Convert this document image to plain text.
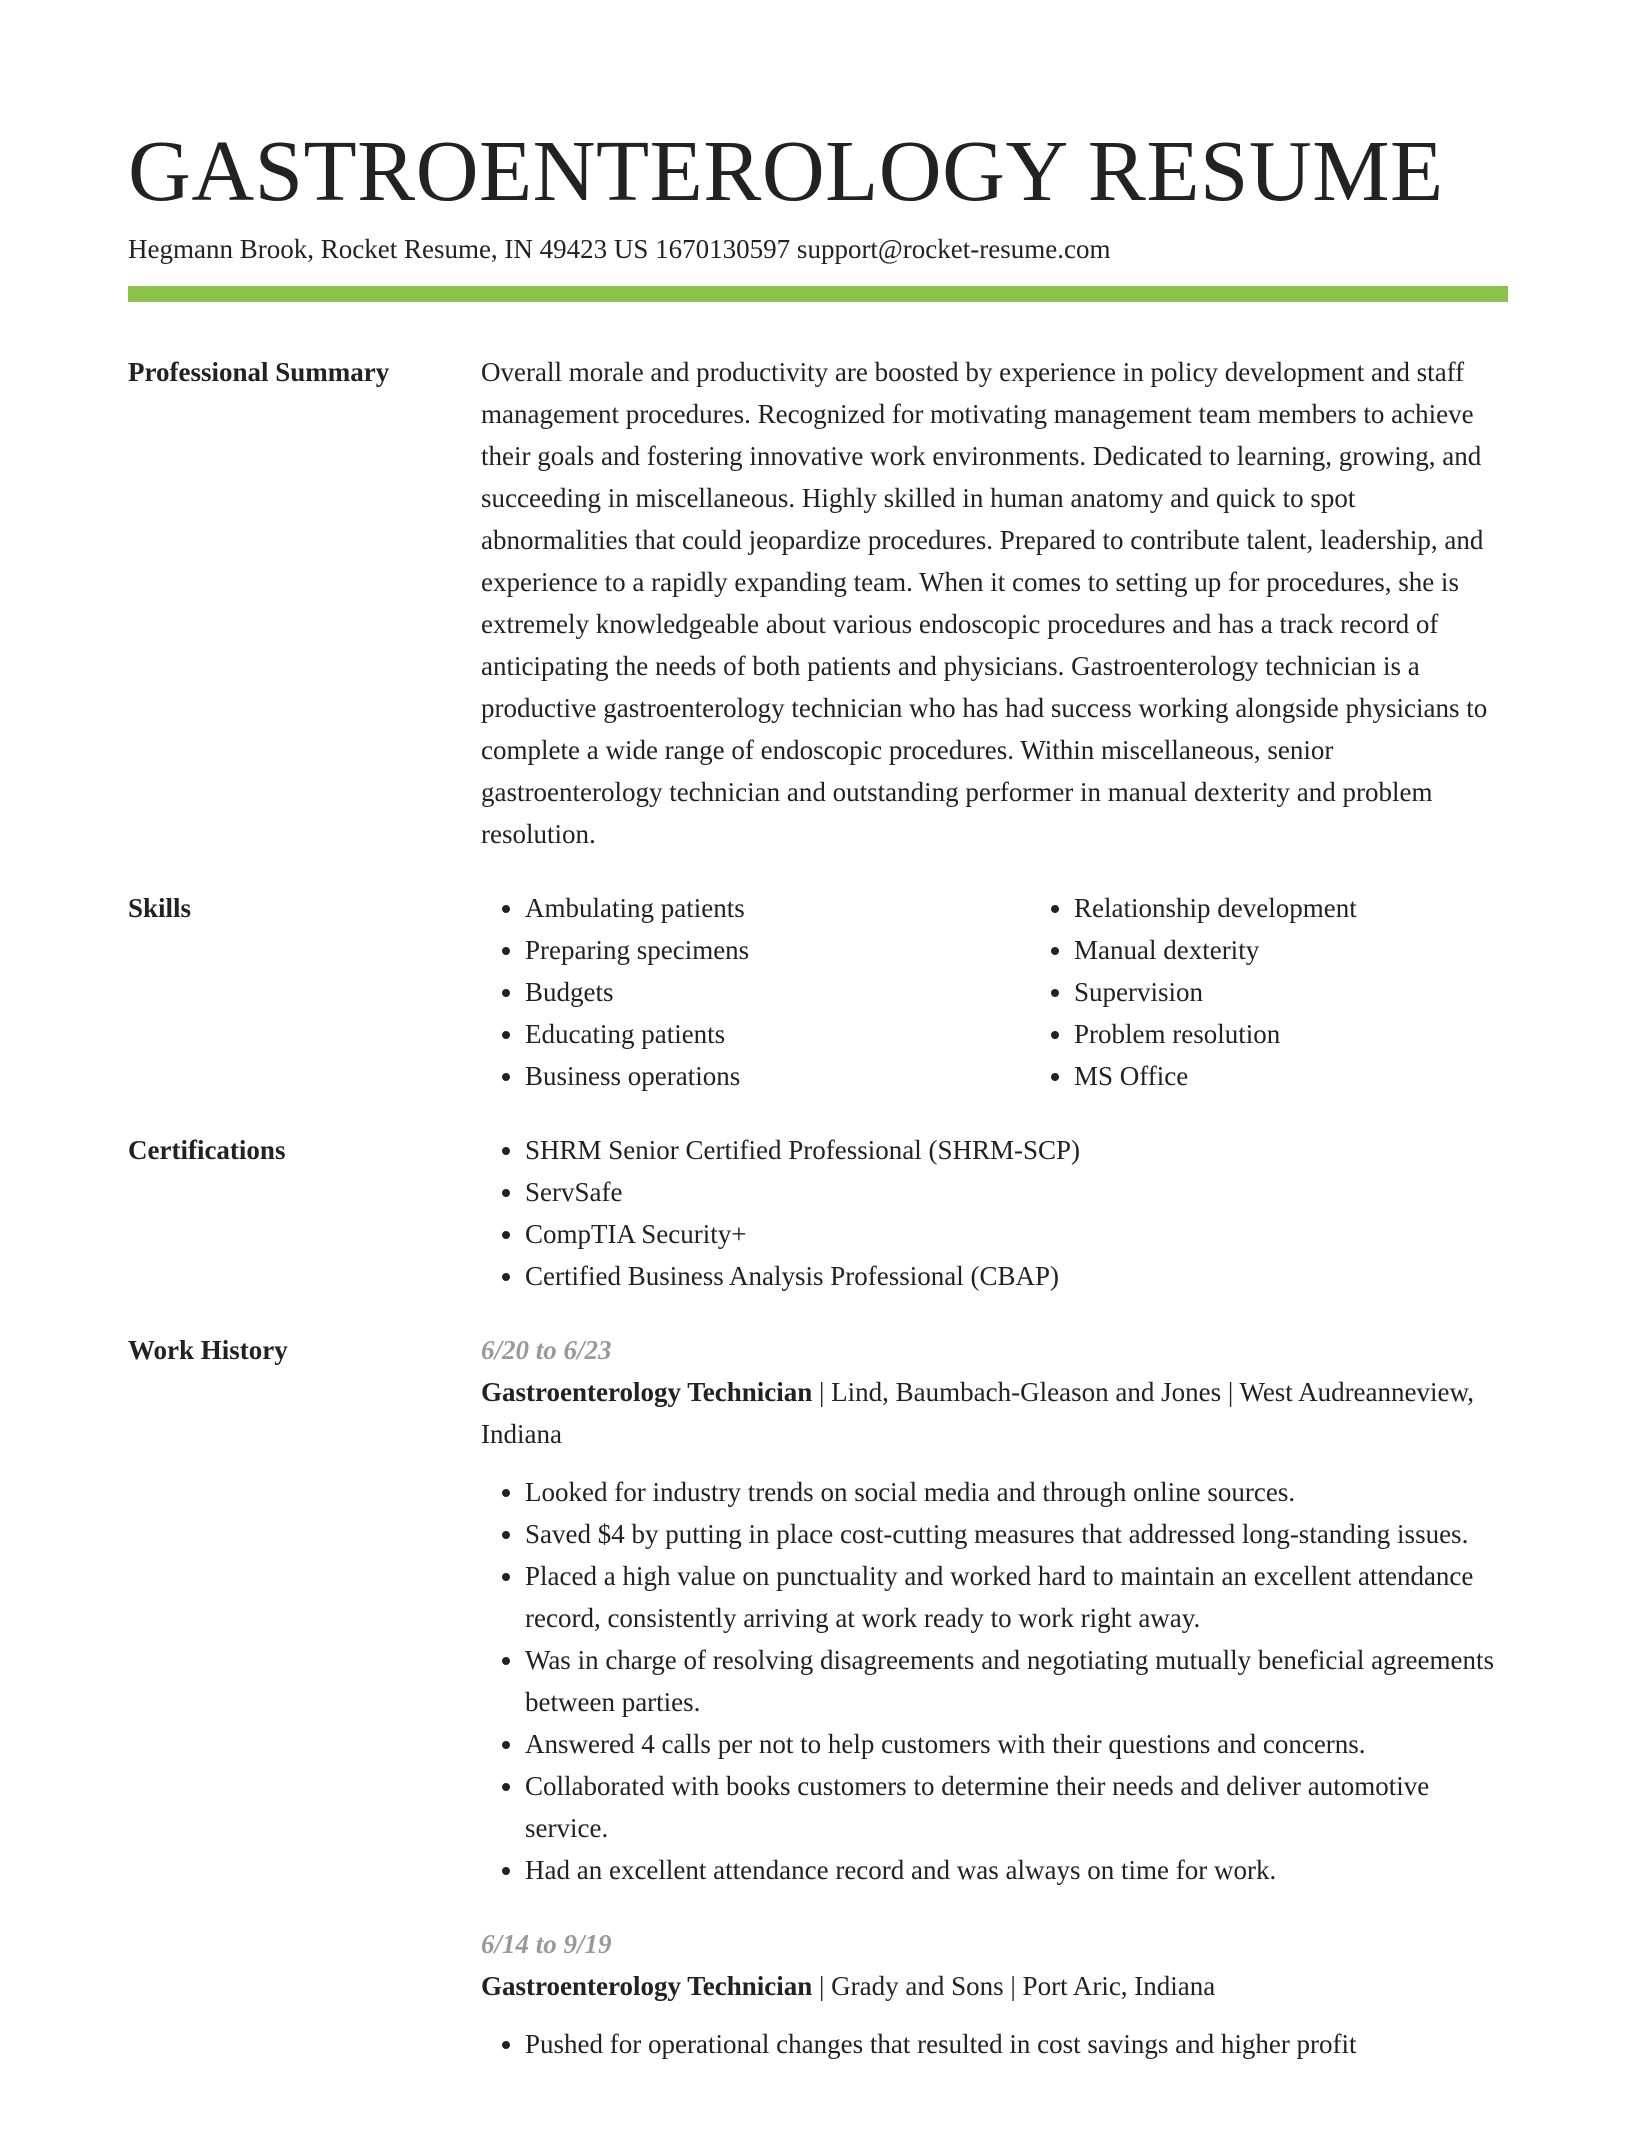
GASTROENTEROLOGY RESUME
Hegmann Brook, Rocket Resume, IN 49423 US 1670130597 support@rocket-resume.com
Professional Summary	Overall morale and productivity are boosted by experience in policy development and staff management procedures. Recognized for motivating management team members to achieve their goals and fostering innovative work environments. Dedicated to learning, growing, and succeeding in miscellaneous. Highly skilled in human anatomy and quick to spot abnormalities that could jeopardize procedures. Prepared to contribute talent, leadership, and experience to a rapidly expanding team. When it comes to setting up for procedures, she is extremely knowledgeable about various endoscopic procedures and has a track record of anticipating the needs of both patients and physicians. Gastroenterology technician is a productive gastroenterology technician who has had success working alongside physicians to complete a wide range of endoscopic procedures. Within miscellaneous, senior gastroenterology technician and outstanding performer in manual dexterity and problem resolution.

Skills	• Ambulating patients
• Preparing specimens
• Budgets
• Educating patients
• Business operations
• Relationship development
• Manual dexterity
• Supervision
• Problem resolution
• MS Office
Certifications	• SHRM Senior Certified Professional (SHRM-SCP)
• ServSafe
• CompTIA Security+
• Certified Business Analysis Professional (CBAP)
Work History	6/20 to 6/23
Gastroenterology Technician | Lind, Baumbach-Gleason and Jones | West Audreanneview, Indiana
• Looked for industry trends on social media and through online sources.
• Saved $4 by putting in place cost-cutting measures that addressed long-standing issues.
• Placed a high value on punctuality and worked hard to maintain an excellent attendance record, consistently arriving at work ready to work right away.
• Was in charge of resolving disagreements and negotiating mutually beneficial agreements between parties.
• Answered 4 calls per not to help customers with their questions and concerns.
• Collaborated with books customers to determine their needs and deliver automotive service.
• Had an excellent attendance record and was always on time for work.
6/14 to 9/19
Gastroenterology Technician | Grady and Sons | Port Aric, Indiana
• Pushed for operational changes that resulted in cost savings and higher profit
